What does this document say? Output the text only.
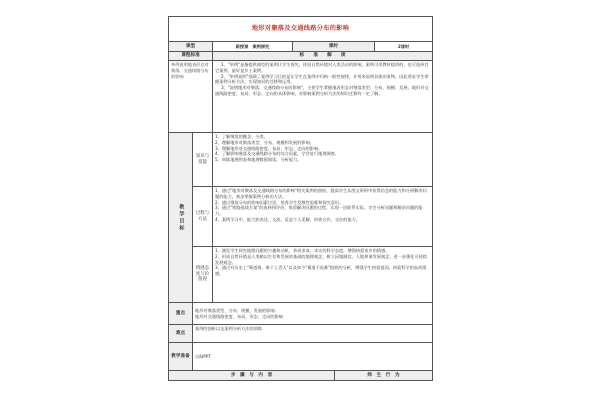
地形对聚落及交通线路分布的影响					
课型		新授课　案例探究	课时		2课时
课程标准		标　　准　　解　　读			
举例说明地表形态对聚落、交通线路分布的影响		1、"举例"是指提供典型的案例让学生探究，体验自然环境对人类活动的影响，案例可用教材提供的，也可选择其它案例，最好是乡土案例。

2、"举例说明"强调了案例学习目的是让学生在案例中归纳一般性规律，并用来说明具体的事物，因此要求学生掌握案例分析方法，实现知识的迁移和运用。

3、"说明地形对聚落、交通线路分布的影响"，主要学生掌握地表形态对聚落类型、分布、规模、发展，地形对交通线路密度、布局、形态、走向的具体影响，对影响案例分析方法的知识迁移有一定了解。			

教学目标	知识与技能	1、了解聚落的概念、分类。

2、理解地形对聚落类型、分布、规模和发展的影响。

3、理解地形对交通线路密度、布局、形态、走向的影响。

4、了解影响聚落及交通线路分布的综合因素，学会进行地理调查。

5、训练地理图表和地理数据阅读、分析能力。			

	过程与方法	1、通过"地形对聚落及交通线路分布的影响"相关案例的剖析，提高学生从图文资料中获得信息的能力和分析解决问题的能力，初步掌握案例分析的方法。

2、通过聚落分布的影响因素讨论，培养学生发散性思维和探究意识。

3、通过"铁路选线方案"的选择和评价，体验解决问题的过程，实现一论联系实际，学会分析问题和解决问题的能力。

4、案例学习中，能大胆表达，交流，反思个人见解，培养合作、交往的能力。			

	情感态度与价值观	1、激发学生探究地理问题的兴趣和动机，养成求真、求实的科学态度，增强热爱家乡的情感。

2、形成自然环境是人类赖以生存和发展的基础的地理观念，树立因地制宜、人地和谐发展观念，进一步强化可持续发展观念。

3、通过对历史上"蜀道难，难于上青天"以及如今"蜀道不再难"组织的分析，增强学生热爱祖国，热爱科学的高尚情感。			

重点	地形对聚落类型、分布、规模、发展的影响；

地形对交通线路密度、布局、形态、走向的影响				

难点	案例的剖析以及案例分析方法的训练				
教学准备	自制PPT				
步　骤　与　内　容				师　生　行　为	
